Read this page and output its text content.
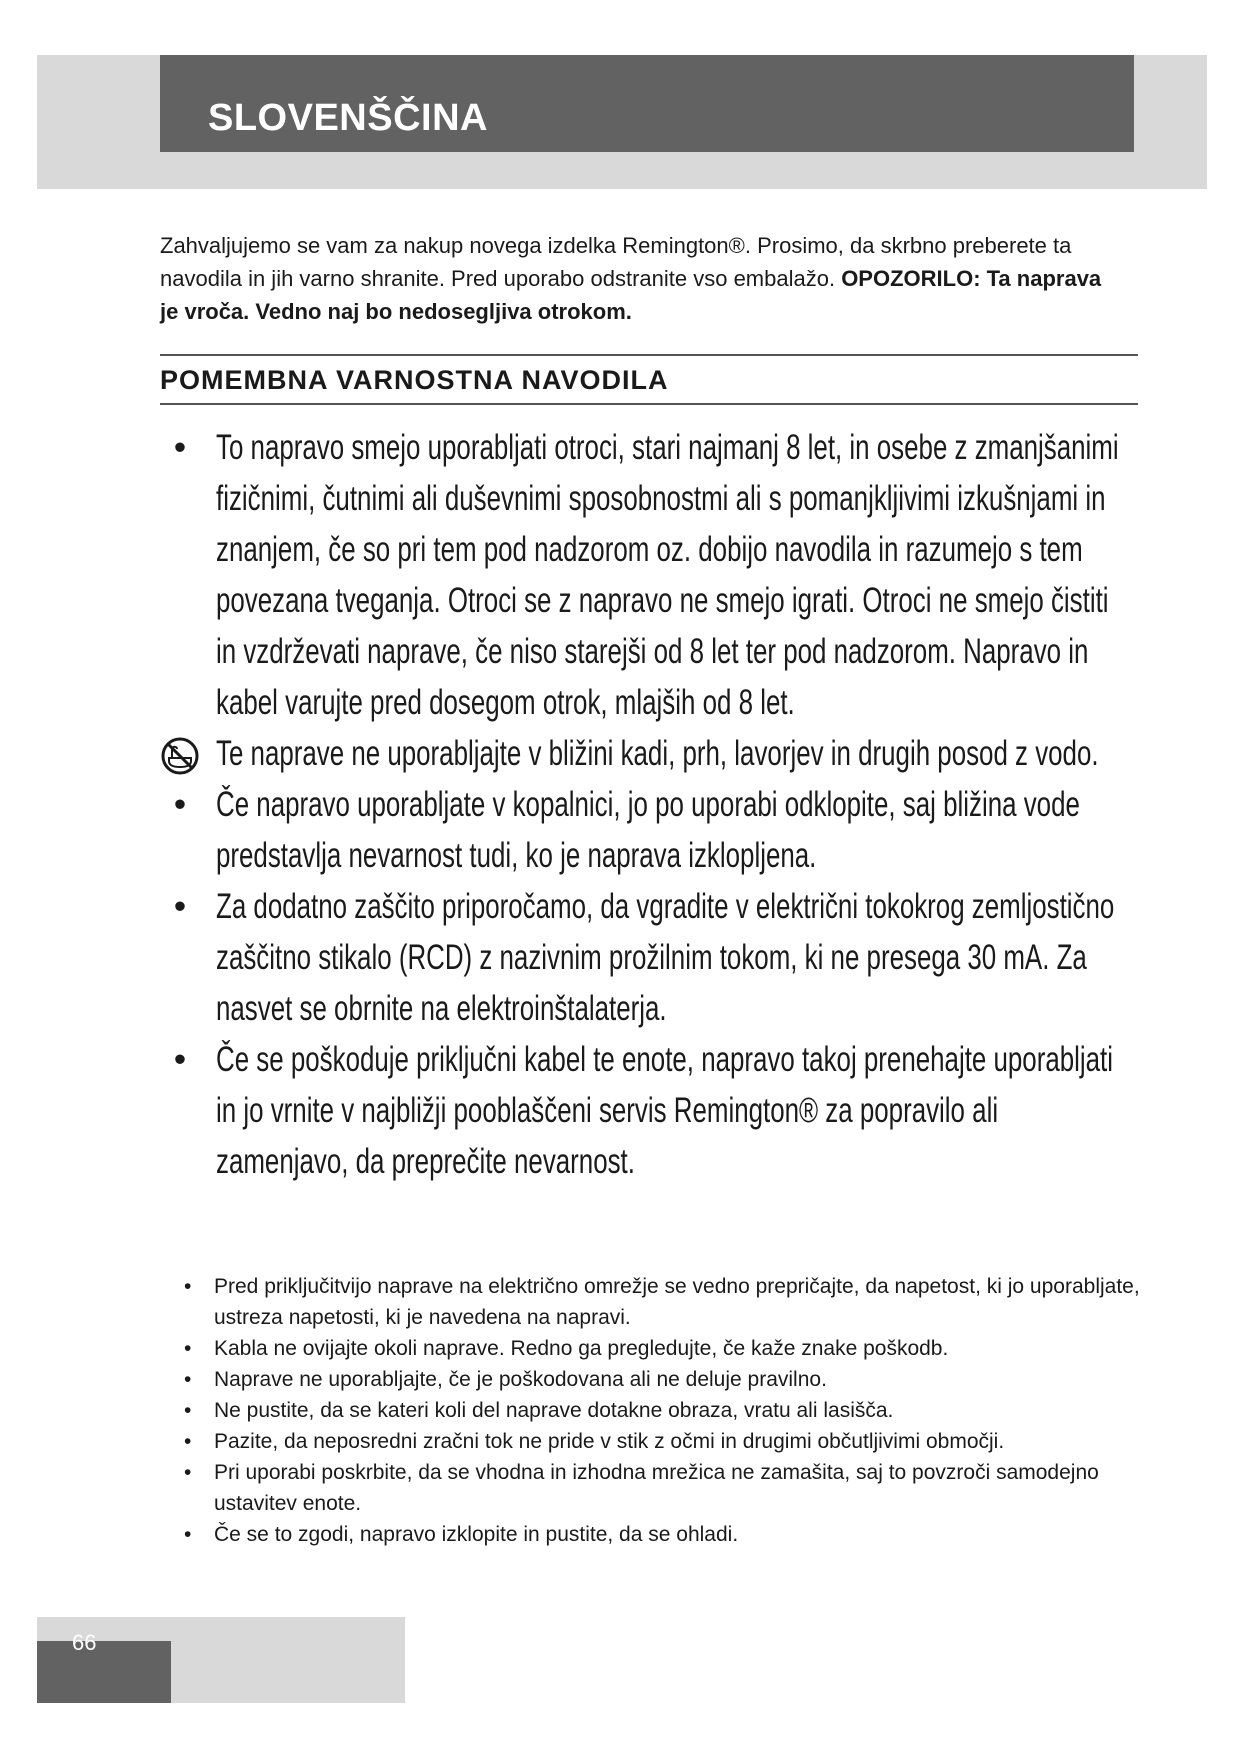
SLOVENŠČINA

Zahvaljujemo se vam za nakup novega izdelka Remington®. Prosimo, da skrbno preberete ta navodila in jih varno shranite. Pred uporabo odstranite vso embalažo. OPOZORILO: Ta naprava je vroča. Vedno naj bo nedosegljiva otrokom.

POMEMBNA VARNOSTNA NAVODILA
• To napravo smejo uporabljati otroci, stari najmanj 8 let, in osebe z zmanjšanimi fizičnimi, čutnimi ali duševnimi sposobnostmi ali s pomanjkljivimi izkušnjami in znanjem, če so pri tem pod nadzorom oz. dobijo navodila in razumejo s tem povezana tveganja. Otroci se z napravo ne smejo igrati. Otroci ne smejo čistiti in vzdrževati naprave, če niso starejši od 8 let ter pod nadzorom. Napravo in kabel varujte pred dosegom otrok, mlajših od 8 let.
Te naprave ne uporabljajte v bližini kadi, prh, lavorjev in drugih posod z vodo.
• Če napravo uporabljate v kopalnici, jo po uporabi odklopite, saj bližina vode predstavlja nevarnost tudi, ko je naprava izklopljena.
• Za dodatno zaščito priporočamo, da vgradite v električni tokokrog zemljostično zaščitno stikalo (RCD) z nazivnim prožilnim tokom, ki ne presega 30 mA. Za nasvet se obrnite na elektroinštalaterja.
• Če se poškoduje priključni kabel te enote, napravo takoj prenehajte uporabljati in jo vrnite v najbližji pooblaščeni servis Remington® za popravilo ali zamenjavo, da preprečite nevarnost.
• Pred priključitvijo naprave na električno omrežje se vedno prepričajte, da napetost, ki jo uporabljate, ustreza napetosti, ki je navedena na napravi.
• Kabla ne ovijajte okoli naprave. Redno ga pregledujte, če kaže znake poškodb.
• Naprave ne uporabljajte, če je poškodovana ali ne deluje pravilno.
• Ne pustite, da se kateri koli del naprave dotakne obraza, vratu ali lasišča.
• Pazite, da neposredni zračni tok ne pride v stik z očmi in drugimi občutljivimi območji.
• Pri uporabi poskrbite, da se vhodna in izhodna mrežica ne zamašita, saj to povzroči samodejno ustavitev enote.
• Če se to zgodi, napravo izklopite in pustite, da se ohladi.
66
